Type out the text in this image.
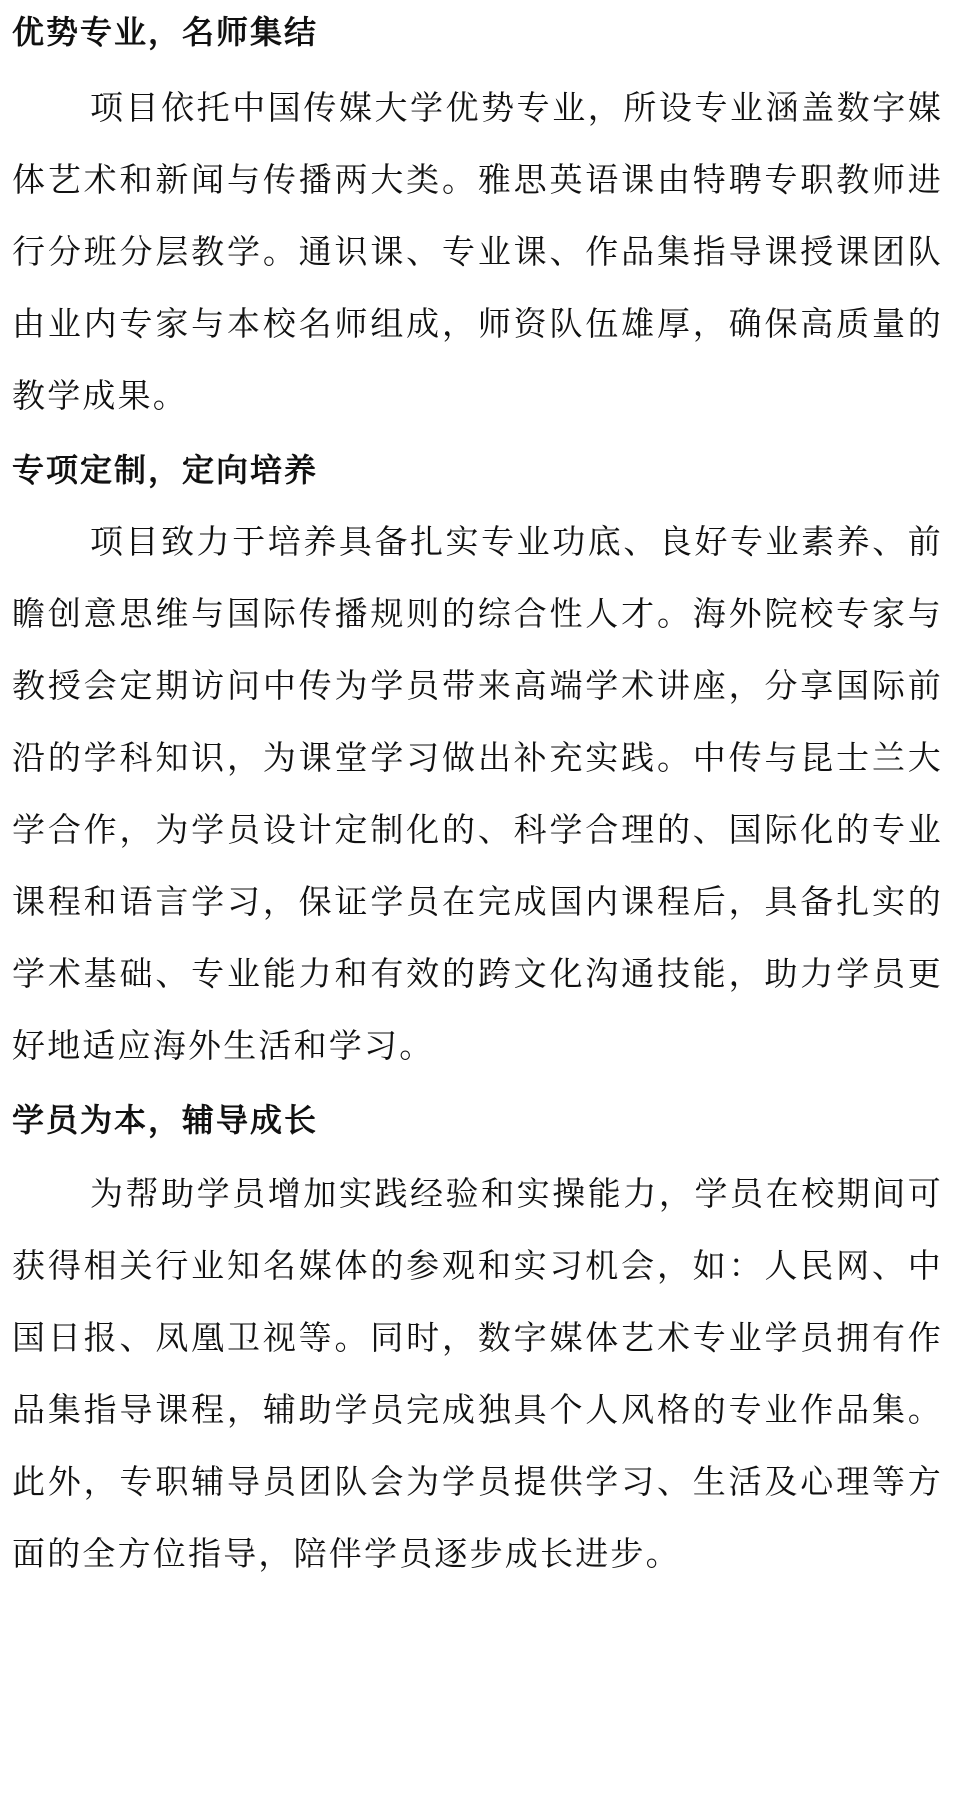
优势专业，名师集结

项目依托中国传媒大学优势专业，所设专业涵盖数字媒体艺术和新闻与传播两大类。雅思英语课由特聘专职教师进行分班分层教学。通识课、专业课、作品集指导课授课团队由业内专家与本校名师组成，师资队伍雄厚，确保高质量的教学成果。

专项定制，定向培养

项目致力于培养具备扎实专业功底、良好专业素养、前瞻创意思维与国际传播规则的综合性人才。海外院校专家与教授会定期访问中传为学员带来高端学术讲座，分享国际前沿的学科知识，为课堂学习做出补充实践。中传与昆士兰大学合作，为学员设计定制化的、科学合理的、国际化的专业课程和语言学习，保证学员在完成国内课程后，具备扎实的学术基础、专业能力和有效的跨文化沟通技能，助力学员更好地适应海外生活和学习。

学员为本，辅导成长

为帮助学员增加实践经验和实操能力，学员在校期间可获得相关行业知名媒体的参观和实习机会，如：人民网、中国日报、凤凰卫视等。同时，数字媒体艺术专业学员拥有作品集指导课程，辅助学员完成独具个人风格的专业作品集。此外，专职辅导员团队会为学员提供学习、生活及心理等方面的全方位指导，陪伴学员逐步成长进步。
